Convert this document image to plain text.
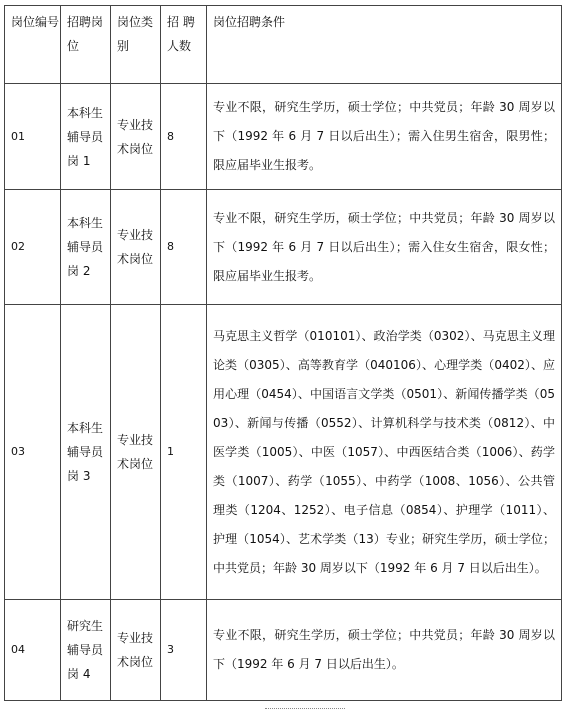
岗位编号	招聘岗位	岗位类别	招 聘人数	岗位招聘条件
01	本科生辅导员岗 1	专业技术岗位	8	专业不限，研究生学历，硕士学位；中共党员；年龄 30 周岁以下（1992 年 6 月 7 日以后出生）；需入住男生宿舍，限男性；限应届毕业生报考。
02	本科生辅导员岗 2	专业技术岗位	8	专业不限，研究生学历，硕士学位；中共党员；年龄 30 周岁以下（1992 年 6 月 7 日以后出生）；需入住女生宿舍，限女性；限应届毕业生报考。
03	本科生辅导员岗 3	专业技术岗位	1	马克思主义哲学（010101）、政治学类（0302）、马克思主义理论类（0305）、高等教育学（040106）、心理学类（0402）、应用心理（0454）、中国语言文学类（0501）、新闻传播学类（0503）、新闻与传播（0552）、计算机科学与技术类（0812）、中医学类（1005）、中医（1057）、中西医结合类（1006）、药学类（1007）、药学（1055）、中药学（1008、1056）、公共管理类（1204、1252）、电子信息（0854）、护理学（1011）、护理（1054）、艺术学类（13）专业；研究生学历，硕士学位；中共党员；年龄 30 周岁以下（1992 年 6 月 7 日以后出生）。
04	研究生辅导员岗 4	专业技术岗位	3	专业不限，研究生学历，硕士学位；中共党员；年龄 30 周岁以下（1992 年 6 月 7 日以后出生）。
